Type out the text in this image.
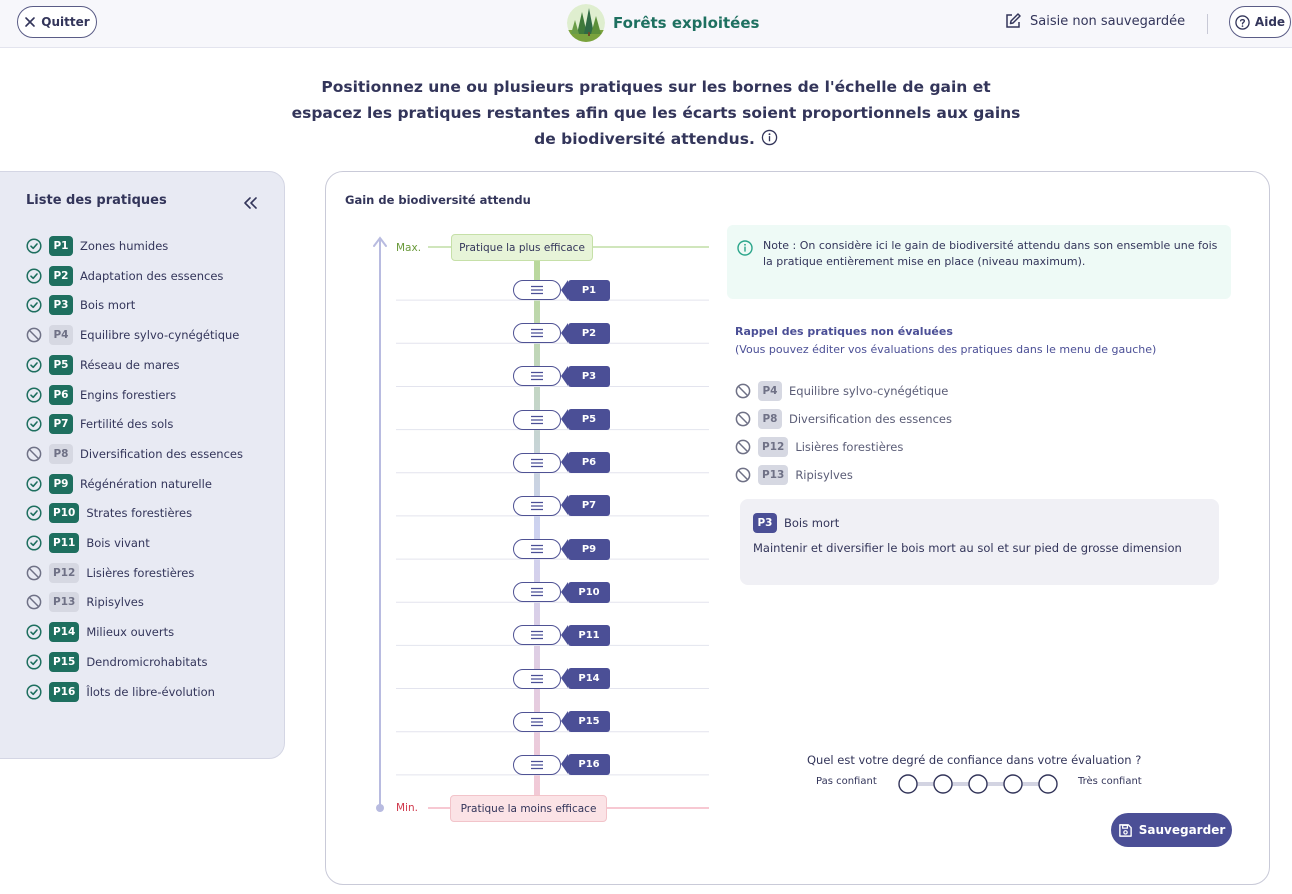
Quitter	Forêts exploitées	Saisie non sauvegardée	Aide
Positionnez une ou plusieurs pratiques sur les bornes de l'échelle de gain et espacez les pratiques restantes afin que les écarts soient proportionnels aux gains de biodiversité attendus.
Liste des pratiques
P1	Zones humides
P2	Adaptation des essences
P3	Bois mort
P4	Equilibre sylvo-cynégétique
P5	Réseau de mares
P6	Engins forestiers
P7	Fertilité des sols
P8	Diversification des essences
P9	Régénération naturelle
P10 Strates forestières
P11 Bois vivant
P12 Lisières forestières
P13 Ripisylves
P14 Milieux ouverts
P15 Dendromicrohabitats
P16 Îlots de libre-évolution
Gain de biodiversité attendu
Max.
Min.
Pratique la plus efficace
Pratique la moins efficace
P1
P2
P3
P5
P6
P7
P9
P10
P11
P14
P15
P16
Note : On considère ici le gain de biodiversité attendu dans son ensemble une fois la pratique entièrement mise en place (niveau maximum).
Rappel des pratiques non évaluées
(Vous pouvez éditer vos évaluations des pratiques dans le menu de gauche)
P4	Equilibre sylvo-cynégétique
P8	Diversification des essences
P12 Lisières forestières
P13 Ripisylves
P3	Bois mort
Maintenir et diversifier le bois mort au sol et sur pied de grosse dimension
Quel est votre degré de confiance dans votre évaluation ?
Pas confiant	Très confiant
Sauvegarder
